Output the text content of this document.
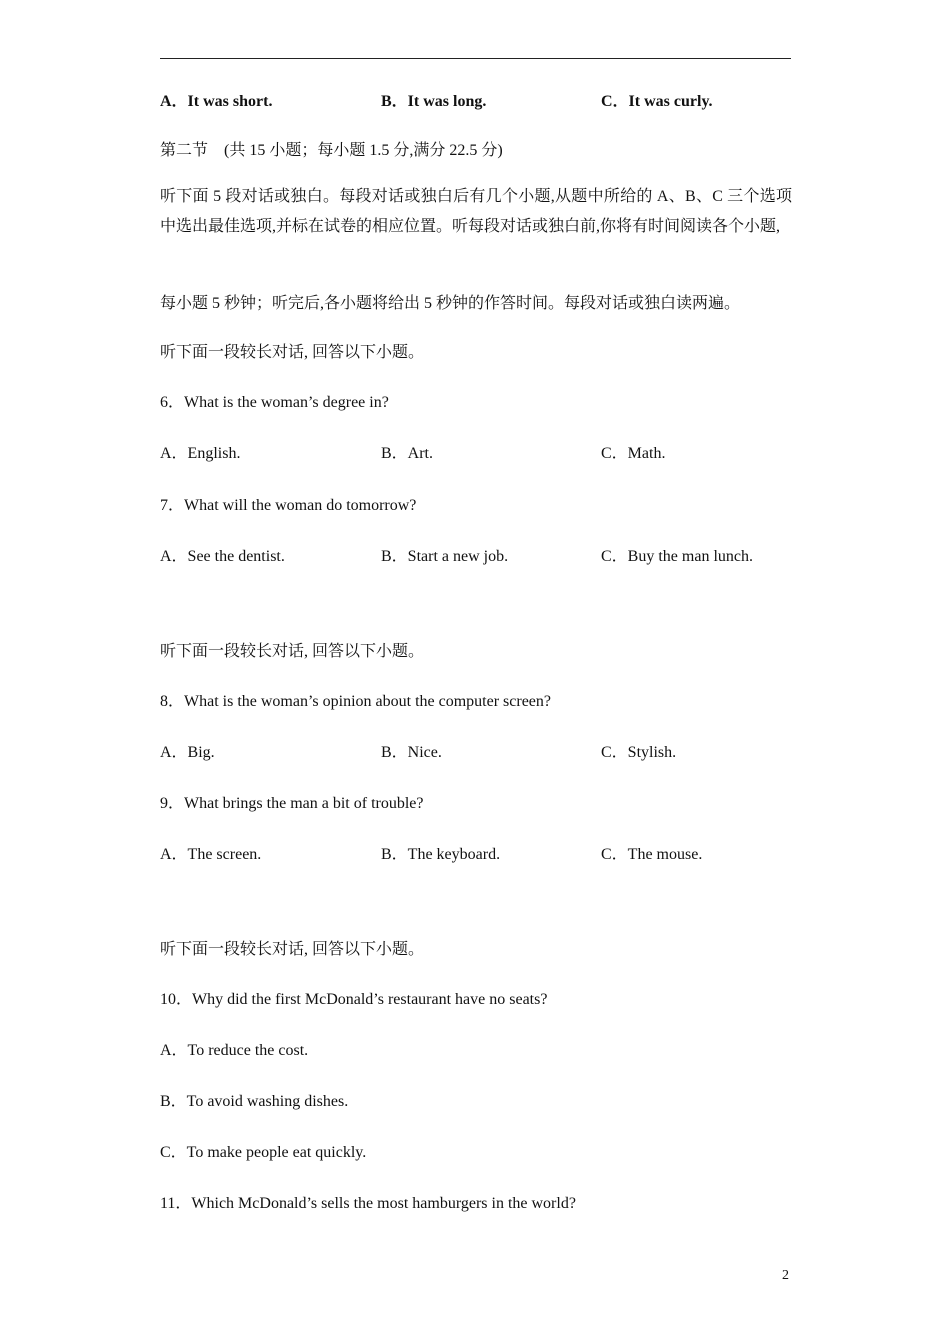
A．It was short.	B．It was long.	C．It was curly.
第二节　(共 15 小题；每小题 1.5 分,满分 22.5 分)
听下面 5 段对话或独白。每段对话或独白后有几个小题,从题中所给的 A、B、C 三个选项中选出最佳选项,并标在试卷的相应位置。听每段对话或独白前,你将有时间阅读各个小题,
每小题 5 秒钟；听完后,各小题将给出 5 秒钟的作答时间。每段对话或独白读两遍。
听下面一段较长对话, 回答以下小题。
6．What is the woman’s degree in?
A．English.	B．Art.	C．Math.
7．What will the woman do tomorrow?
A．See the dentist.	B．Start a new job.	C．Buy the man lunch.
听下面一段较长对话, 回答以下小题。
8．What is the woman’s opinion about the computer screen?
A．Big.	B．Nice.	C．Stylish.
9．What brings the man a bit of trouble?
A．The screen.	B．The keyboard.	C．The mouse.
听下面一段较长对话, 回答以下小题。
10．Why did the first McDonald’s restaurant have no seats?
A．To reduce the cost.
B．To avoid washing dishes.
C．To make people eat quickly.
11．Which McDonald’s sells the most hamburgers in the world?
2
